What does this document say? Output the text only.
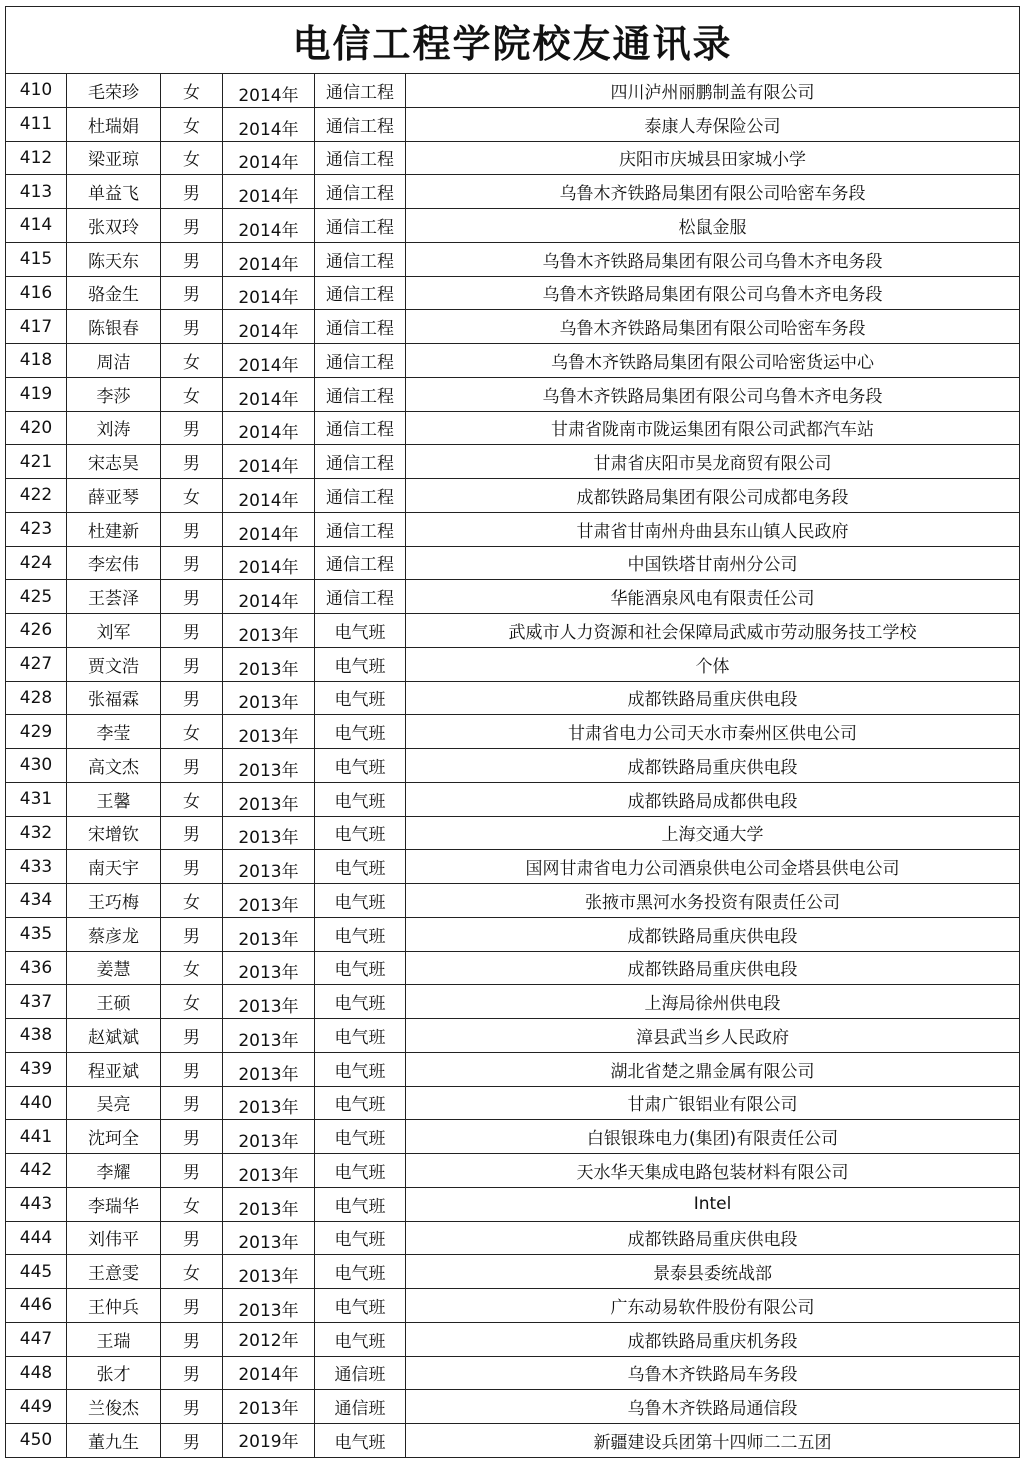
电信工程学院校友通讯录					
410	毛荣珍	女	2014年	通信工程	四川泸州丽鹏制盖有限公司
411	杜瑞娟	女	2014年	通信工程	泰康人寿保险公司
412	梁亚琼	女	2014年	通信工程	庆阳市庆城县田家城小学
413	单益飞	男	2014年	通信工程	乌鲁木齐铁路局集团有限公司哈密车务段
414	张双玲	男	2014年	通信工程	松鼠金服
415	陈天东	男	2014年	通信工程	乌鲁木齐铁路局集团有限公司乌鲁木齐电务段
416	骆金生	男	2014年	通信工程	乌鲁木齐铁路局集团有限公司乌鲁木齐电务段
417	陈银春	男	2014年	通信工程	乌鲁木齐铁路局集团有限公司哈密车务段
418	周洁	女	2014年	通信工程	乌鲁木齐铁路局集团有限公司哈密货运中心
419	李莎	女	2014年	通信工程	乌鲁木齐铁路局集团有限公司乌鲁木齐电务段
420	刘涛	男	2014年	通信工程	甘肃省陇南市陇运集团有限公司武都汽车站
421	宋志昊	男	2014年	通信工程	甘肃省庆阳市昊龙商贸有限公司
422	薛亚琴	女	2014年	通信工程	成都铁路局集团有限公司成都电务段
423	杜建新	男	2014年	通信工程	甘肃省甘南州舟曲县东山镇人民政府
424	李宏伟	男	2014年	通信工程	中国铁塔甘南州分公司
425	王荟泽	男	2014年	通信工程	华能酒泉风电有限责任公司
426	刘军	男	2013年	电气班	武威市人力资源和社会保障局武威市劳动服务技工学校
427	贾文浩	男	2013年	电气班	个体
428	张福霖	男	2013年	电气班	成都铁路局重庆供电段
429	李莹	女	2013年	电气班	甘肃省电力公司天水市秦州区供电公司
430	高文杰	男	2013年	电气班	成都铁路局重庆供电段
431	王馨	女	2013年	电气班	成都铁路局成都供电段
432	宋增钦	男	2013年	电气班	上海交通大学
433	南天宇	男	2013年	电气班	国网甘肃省电力公司酒泉供电公司金塔县供电公司
434	王巧梅	女	2013年	电气班	张掖市黑河水务投资有限责任公司
435	蔡彦龙	男	2013年	电气班	成都铁路局重庆供电段
436	姜慧	女	2013年	电气班	成都铁路局重庆供电段
437	王硕	女	2013年	电气班	上海局徐州供电段
438	赵斌斌	男	2013年	电气班	漳县武当乡人民政府
439	程亚斌	男	2013年	电气班	湖北省楚之鼎金属有限公司
440	吴亮	男	2013年	电气班	甘肃广银铝业有限公司
441	沈珂全	男	2013年	电气班	白银银珠电力(集团)有限责任公司
442	李耀	男	2013年	电气班	天水华天集成电路包装材料有限公司
443	李瑞华	女	2013年	电气班	Intel
444	刘伟平	男	2013年	电气班	成都铁路局重庆供电段
445	王意雯	女	2013年	电气班	景泰县委统战部
446	王仲兵	男	2013年	电气班	广东动易软件股份有限公司
447	王瑞	男	2012年	电气班	成都铁路局重庆机务段
448	张才	男	2014年	通信班	乌鲁木齐铁路局车务段
449	兰俊杰	男	2013年	通信班	乌鲁木齐铁路局通信段
450	董九生	男	2019年	电气班	新疆建设兵团第十四师二二五团
